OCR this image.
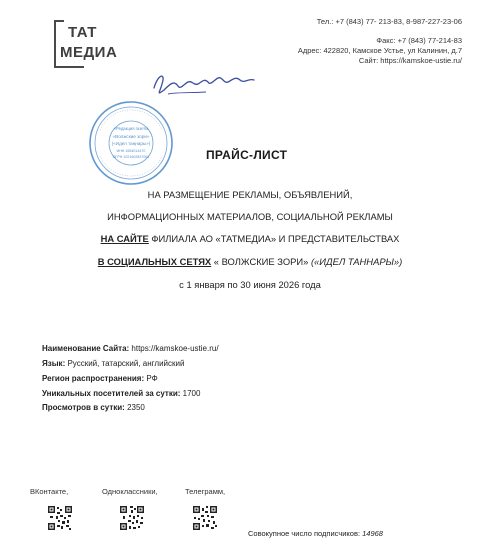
ТАТ
МЕДИА
Тел.: +7 (843) 77- 213-83, 8-987-227-23-06
Факс: +7 (843) 77-214-83
Адрес: 422820, Камское Устье, ул Калинин, д.7
Сайт: https://kamskoe-ustie.ru/
«Редакция газеты
«Волжские зори»
(«Идел таңнары»)
ИНН 1654014470
ОГРН 1021602837061	ПРАЙС-ЛИСТ
НА РАЗМЕЩЕНИЕ РЕКЛАМЫ, ОБЪЯВЛЕНИЙ,
ИНФОРМАЦИОННЫХ МАТЕРИАЛОВ, СОЦИАЛЬНОЙ РЕКЛАМЫ
НА САЙТЕ ФИЛИАЛА АО «ТАТМЕДИА» И ПРЕДСТАВИТЕЛЬСТВАХ
В СОЦИАЛЬНЫХ СЕТЯХ « ВОЛЖСКИЕ ЗОРИ» («ИДЕЛ ТАННАРЫ»)
с 1 января по 30 июня 2026 года
Наименование Сайта: https://kamskoe-ustie.ru/
Язык: Русский, татарский, английский
Регион распространения: РФ
Уникальных посетителей за сутки: 1700
Просмотров в сутки: 2350
ВКонтакте,	Одноклассники,	Телеграмм,
Совокупное число подписчиков: 14968
